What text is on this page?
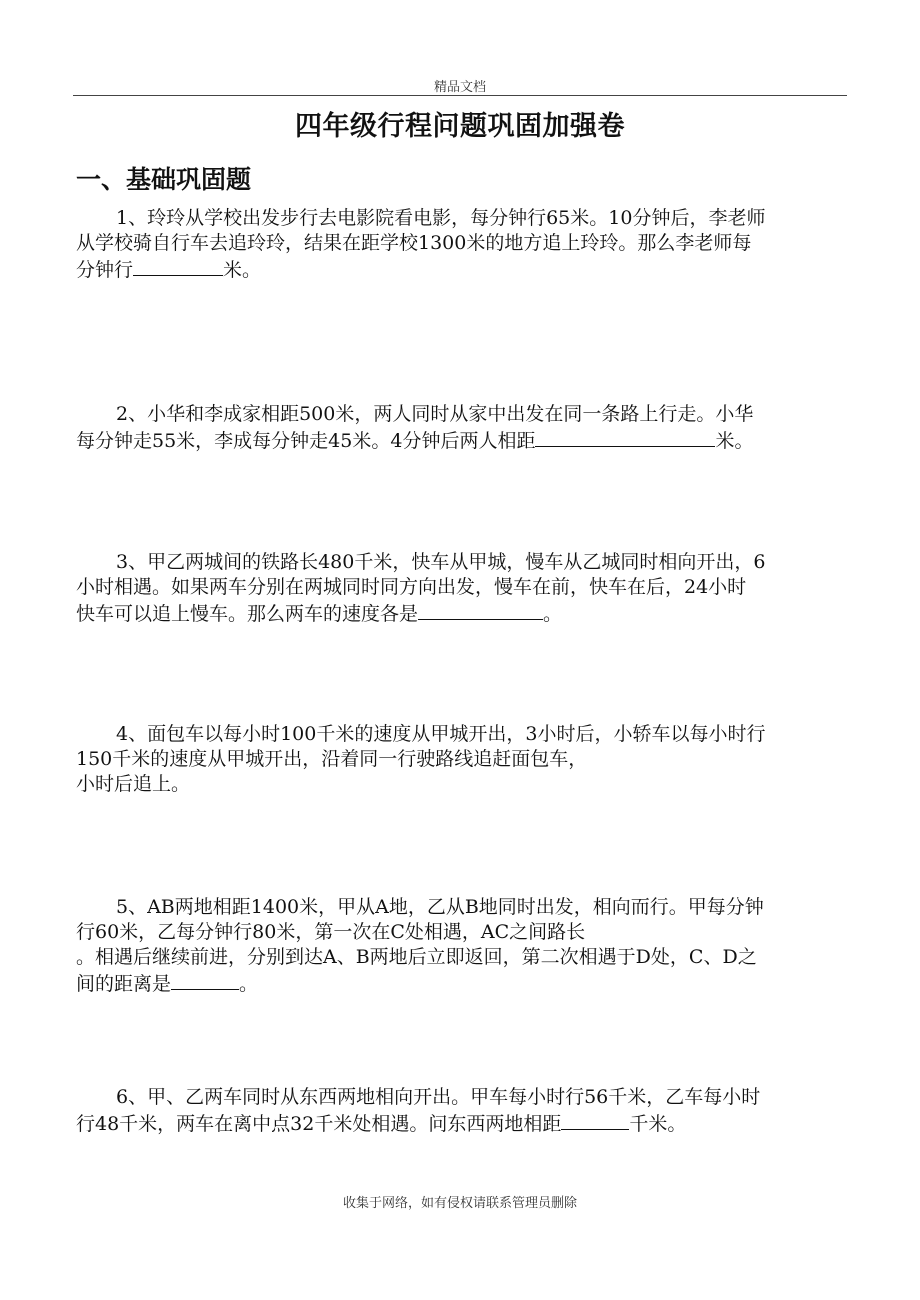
精品文档
四年级行程问题巩固加强卷
一、基础巩固题

1、玲玲从学校出发步行去电影院看电影，每分钟行65米。10分钟后，李老师

从学校骑自行车去追玲玲，结果在距学校1300米的地方追上玲玲。那么李老师每

分钟行	米。

2、小华和李成家相距500米，两人同时从家中出发在同一条路上行走。小华

每分钟走55米，李成每分钟走45米。4分钟后两人相距	米。

3、甲乙两城间的铁路长480千米，快车从甲城，慢车从乙城同时相向开出，6

小时相遇。如果两车分别在两城同时同方向出发，慢车在前，快车在后，24小时

快车可以追上慢车。那么两车的速度各是	。

4、面包车以每小时100千米的速度从甲城开出，3小时后，小轿车以每小时行

150千米的速度从甲城开出，沿着同一行驶路线追赶面包车，

小时后追上。

5、AB两地相距1400米，甲从A地，乙从B地同时出发，相向而行。甲每分钟

行60米，乙每分钟行80米，第一次在C处相遇，AC之间路长

。相遇后继续前进，分别到达A、B两地后立即返回，第二次相遇于D处，C、D之

间的距离是	。

6、甲、乙两车同时从东西两地相向开出。甲车每小时行56千米，乙车每小时

行48千米，两车在离中点32千米处相遇。问东西两地相距	千米。

收集于网络，如有侵权请联系管理员删除
